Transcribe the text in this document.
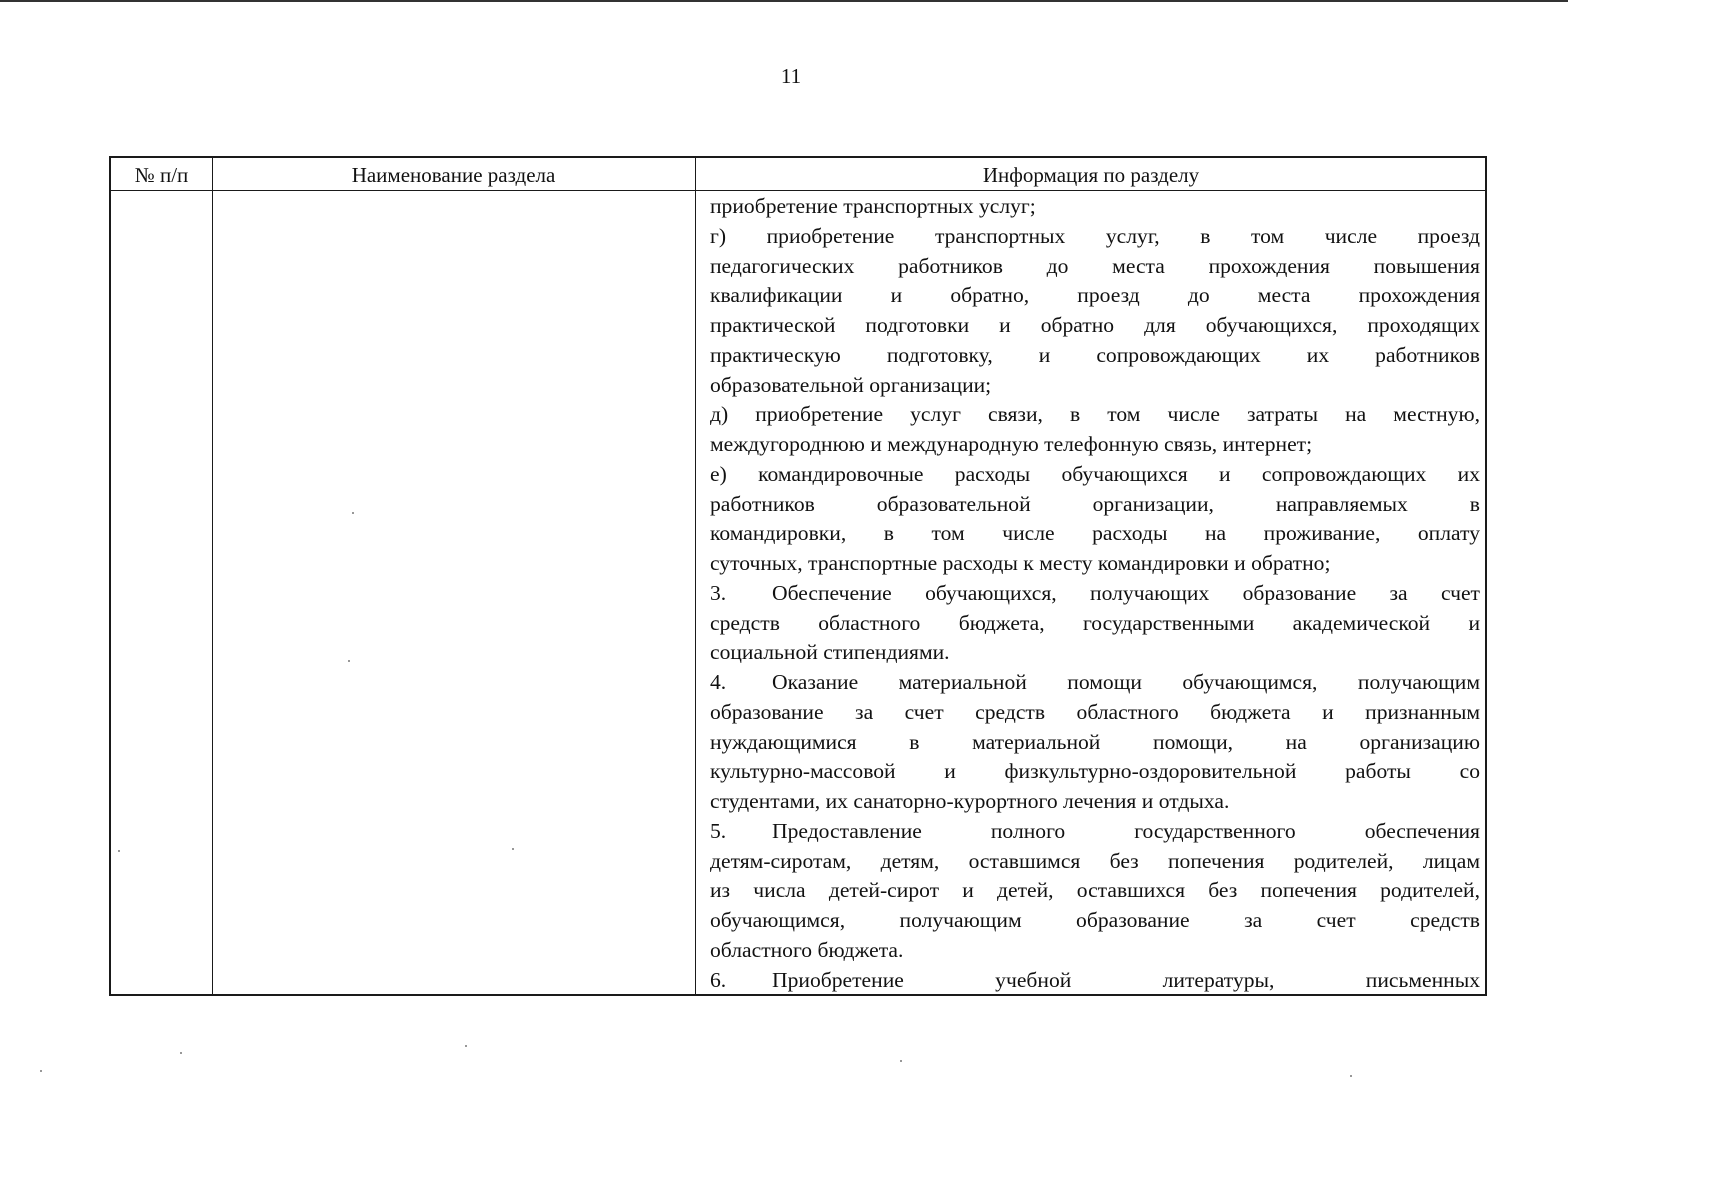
11
№ п/п	Наименование раздела	Информация по разделу
приобретение транспортных услуг;
г) приобретение транспортных услуг, в том числе проезд
педагогических работников до места прохождения повышения
квалификации и обратно, проезд до места прохождения
практической подготовки и обратно для обучающихся, проходящих
практическую подготовку, и сопровождающих их работников
образовательной организации;
д) приобретение услуг связи, в том числе затраты на местную,
междугороднюю и международную телефонную связь, интернет;
е) командировочные расходы обучающихся и сопровождающих их
работников образовательной организации, направляемых в
командировки, в том числе расходы на проживание, оплату
суточных, транспортные расходы к месту командировки и обратно;
3. Обеспечение обучающихся, получающих образование за счет
средств областного бюджета, государственными академической и
социальной стипендиями.
4. Оказание материальной помощи обучающимся, получающим
образование за счет средств областного бюджета и признанным
нуждающимися в материальной помощи, на организацию
культурно-массовой и физкультурно-оздоровительной работы со
студентами, их санаторно-курортного лечения и отдыха.
5. Предоставление полного государственного обеспечения
детям-сиротам, детям, оставшимся без попечения родителей, лицам
из числа детей-сирот и детей, оставшихся без попечения родителей,
обучающимся, получающим образование за счет средств
областного бюджета.
6. Приобретение учебной литературы, письменных
